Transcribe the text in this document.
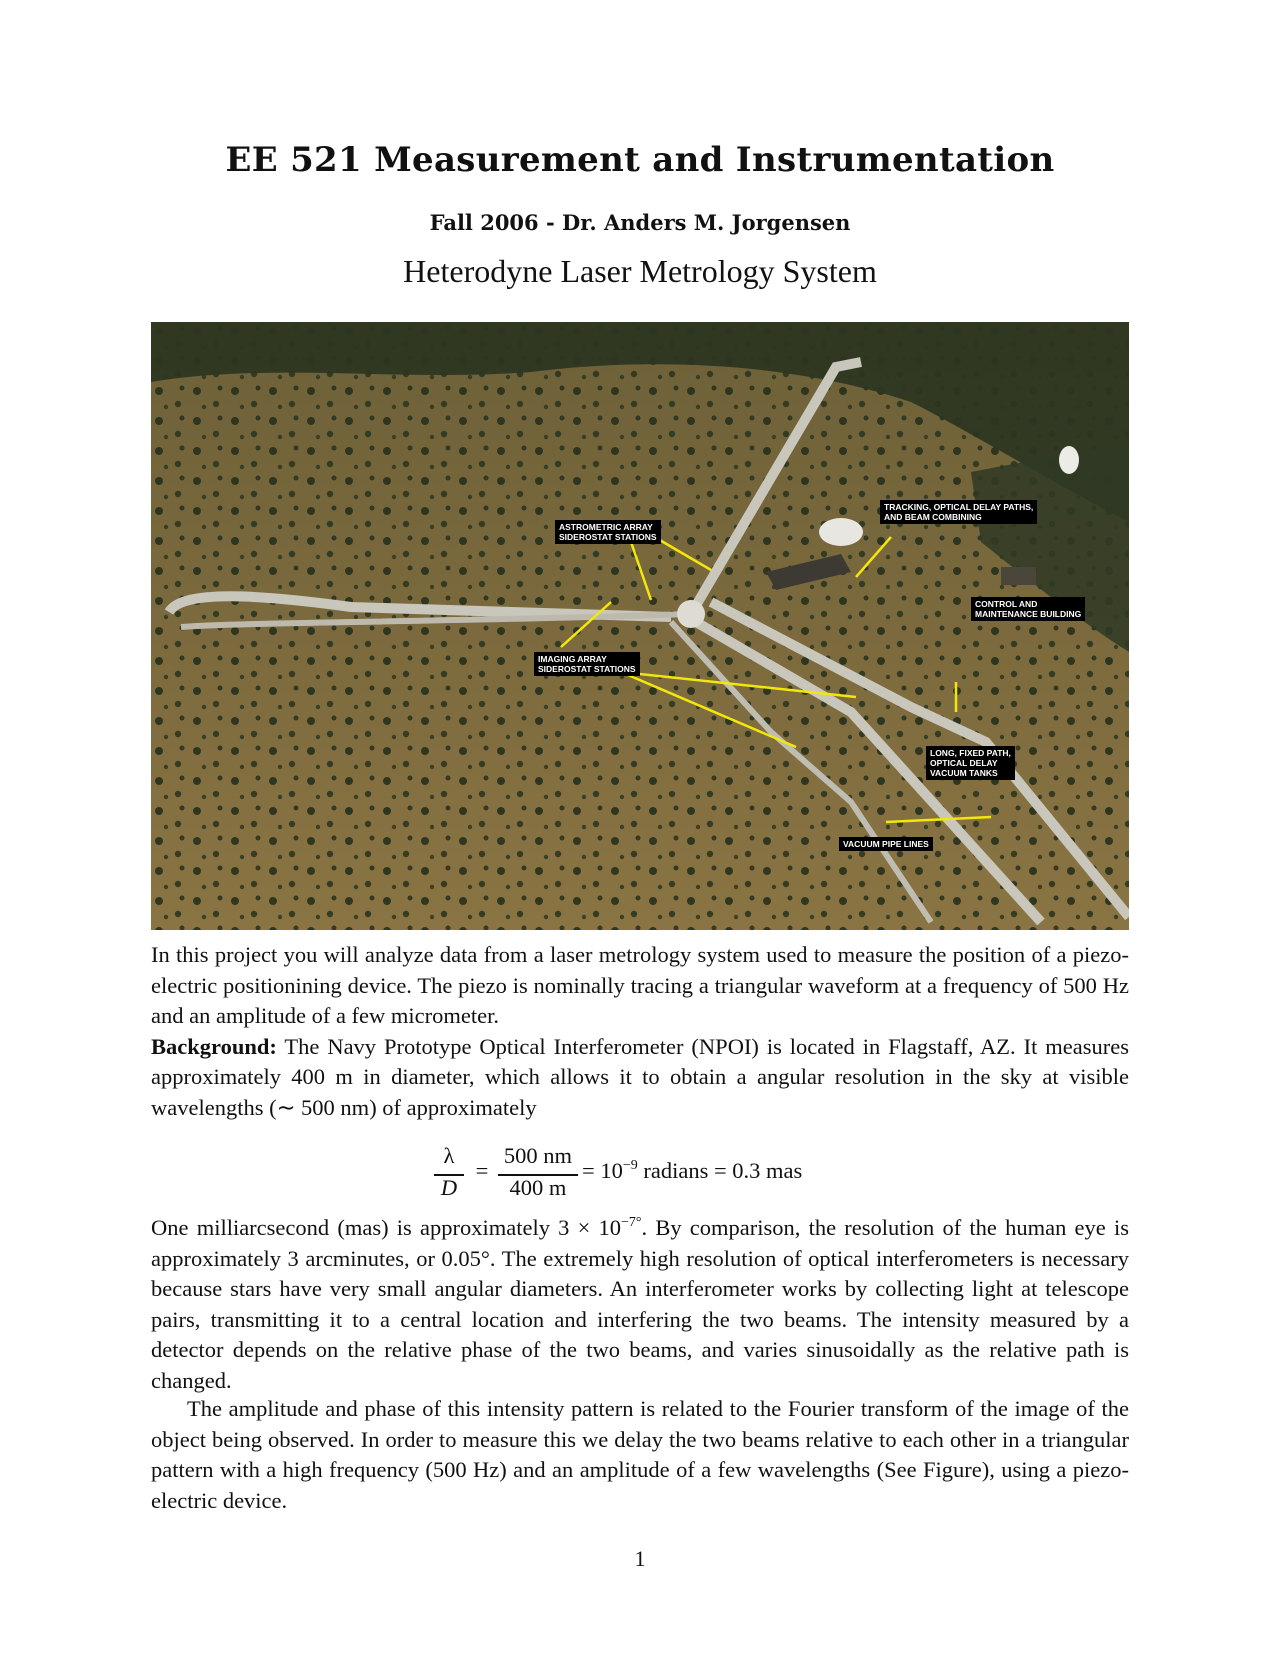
EE 521 Measurement and Instrumentation
Fall 2006 - Dr. Anders M. Jorgensen
Heterodyne Laser Metrology System
ASTROMETRIC ARRAY
SIDEROSTAT STATIONS
TRACKING, OPTICAL DELAY PATHS,
AND BEAM COMBINING
CONTROL AND
MAINTENANCE BUILDING
IMAGING ARRAY
SIDEROSTAT STATIONS
LONG, FIXED PATH,
OPTICAL DELAY
VACUUM TANKS
VACUUM PIPE LINES
In this project you will analyze data from a laser metrology system used to measure the position of a piezo-electric positionining device. The piezo is nominally tracing a triangular waveform at a frequency of 500 Hz and an amplitude of a few micrometer.
Background: The Navy Prototype Optical Interferometer (NPOI) is located in Flagstaff, AZ. It measures approximately 400 m in diameter, which allows it to obtain a angular resolution in the sky at visible wavelengths (∼ 500 nm) of approximately
λ
D
=
500 nm
400 m
= $10^{-9}$ radians = 0.3 mas
One milliarcsecond (mas) is approximately $3 \times 10^{-7^\circ}$. By comparison, the resolution of the human eye is approximately 3 arcminutes, or 0.05°. The extremely high resolution of optical interferometers is necessary because stars have very small angular diameters. An interferometer works by collecting light at telescope pairs, transmitting it to a central location and interfering the two beams. The intensity measured by a detector depends on the relative phase of the two beams, and varies sinusoidally as the relative path is changed.
The amplitude and phase of this intensity pattern is related to the Fourier transform of the image of the object being observed. In order to measure this we delay the two beams relative to each other in a triangular pattern with a high frequency (500 Hz) and an amplitude of a few wavelengths (See Figure), using a piezo-electric device.
1
